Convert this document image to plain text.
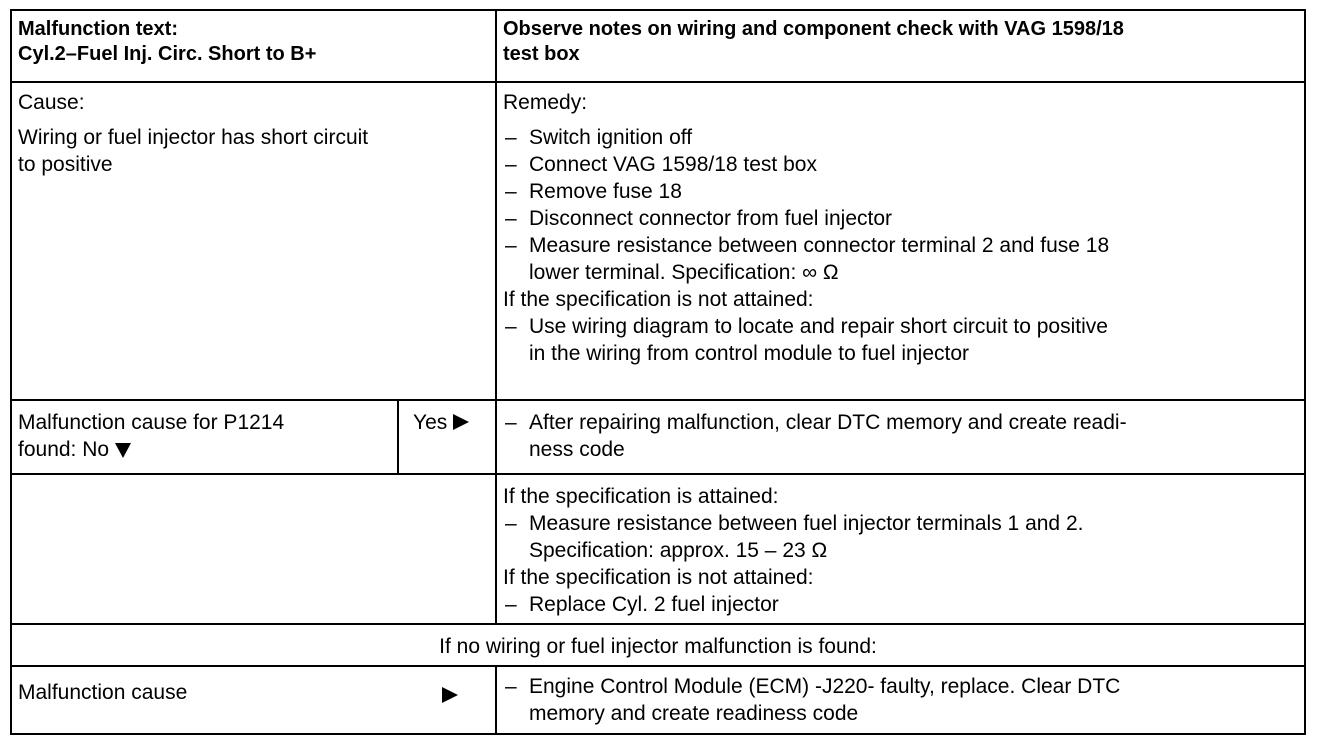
Malfunction text:
Cyl.2–Fuel Inj. Circ. Short to B+
Observe notes on wiring and component check with VAG 1598/18
test box
Cause:
Wiring or fuel injector has short circuit
to positive
Remedy:
– Switch ignition off
– Connect VAG 1598/18 test box
– Remove fuse 18
– Disconnect connector from fuel injector
– Measure resistance between connector terminal 2 and fuse 18
lower terminal. Specification: ∞ Ω
If the specification is not attained:
– Use wiring diagram to locate and repair short circuit to positive
in the wiring from control module to fuel injector
Malfunction cause for P1214
found: No
Yes	– After repairing malfunction, clear DTC memory and create readi-
ness code
If the specification is attained:
– Measure resistance between fuel injector terminals 1 and 2.
Specification: approx. 15 – 23 Ω
If the specification is not attained:
– Replace Cyl. 2 fuel injector
If no wiring or fuel injector malfunction is found:
Malfunction cause	– Engine Control Module (ECM) -J220- faulty, replace. Clear DTC
memory and create readiness code
